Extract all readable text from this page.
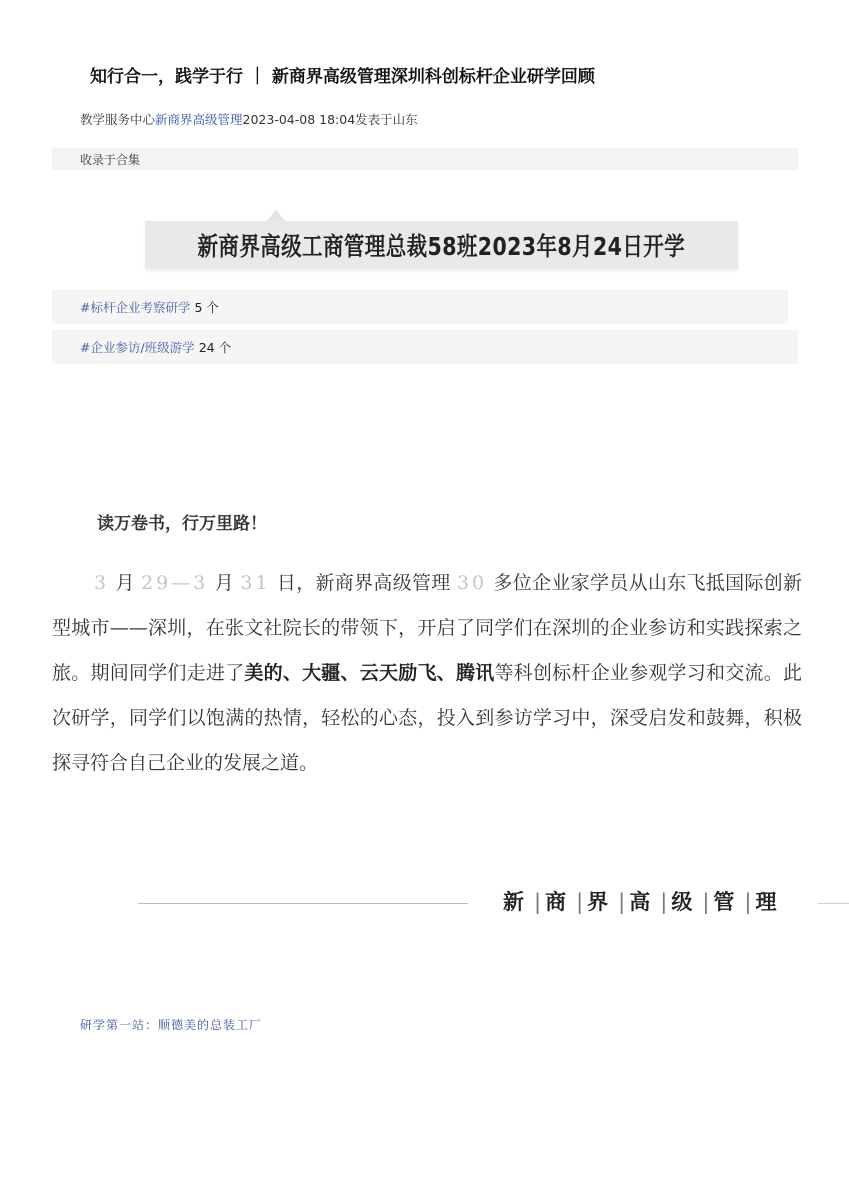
知行合一，践学于行 ｜ 新商界高级管理深圳科创标杆企业研学回顾
教学服务中心新商界高级管理2023-04-08 18:04发表于山东
收录于合集
新商界高级工商管理总裁58班2023年8月24日开学
#标杆企业考察研学 5 个
#企业参访/班级游学 24 个
读万卷书，行万里路！
3 月 29—3 月 31 日，新商界高级管理 30 多位企业家学员从山东飞抵国际创新型城市——深圳，在张文社院长的带领下，开启了同学们在深圳的企业参访和实践探索之旅。期间同学们走进了美的、大疆、云天励飞、腾讯等科创标杆企业参观学习和交流。此次研学，同学们以饱满的热情，轻松的心态，投入到参访学习中，深受启发和鼓舞，积极探寻符合自己企业的发展之道。
新 | 商 | 界 | 高 | 级 | 管 | 理
研学第一站：顺德美的总装工厂
